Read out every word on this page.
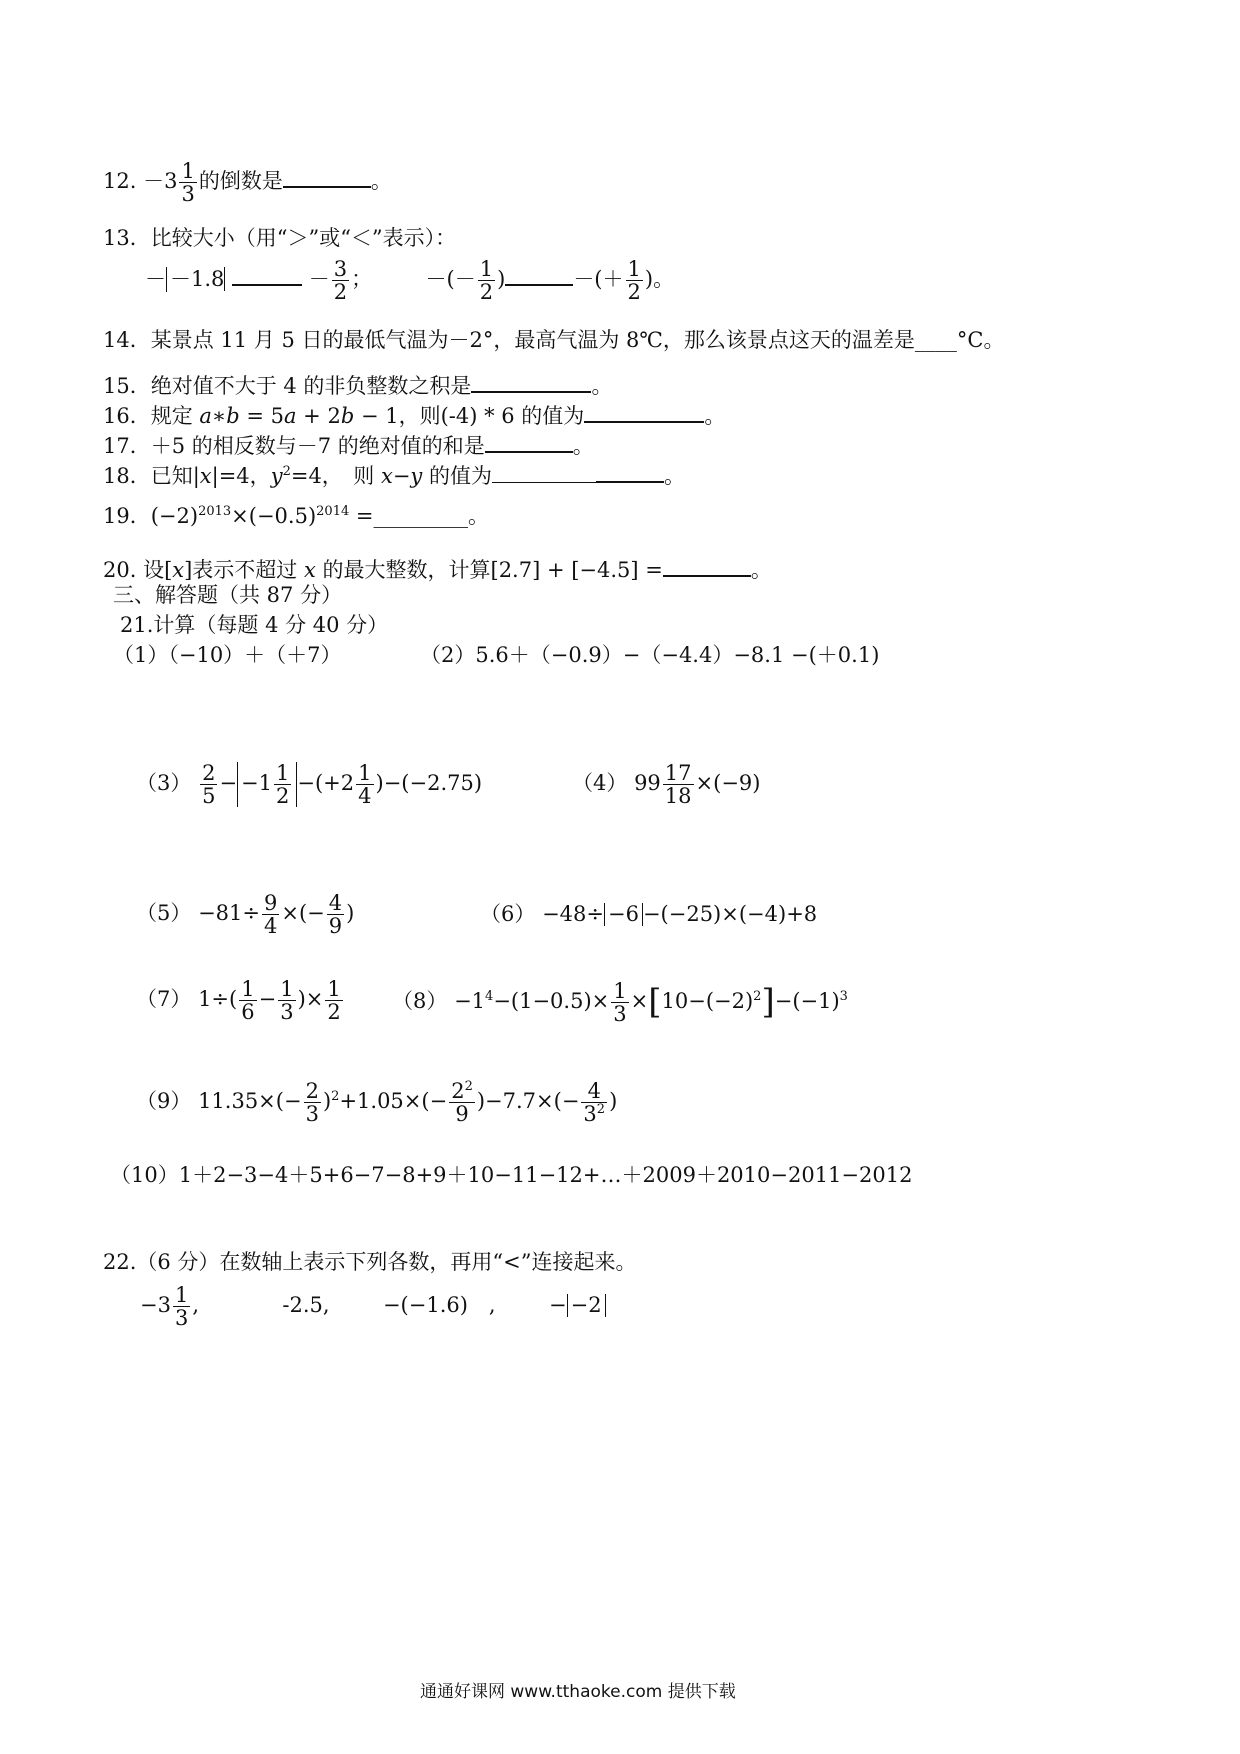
12. $-3 \frac{1}{3}$ 的倒数是	。
13．比较大小（用“＞”或“＜”表示）：
－ －1.8	－ $\frac{3}{2}$ ；	－(－ $\frac{1}{2}$ )	－(＋ $\frac{1}{2}$ )。
14．某景点 11 月 5 日的最低气温为－2°，最高气温为 8℃，那么该景点这天的温差是____°C。
15．绝对值不大于 4 的非负整数之积是	。
16．规定 a∗b = 5a + 2b − 1，则(-4) * 6 的值为	。
17．＋5 的相反数与－7 的绝对值的和是	。
18．已知|x|=4，$y^2=4$，　则 x−y 的值为	。
19．$(-2)^{2013}\times(-0.5)^{2014}$ =_________。
20. 设[x]表示不超过 x 的最大整数，计算[2.7] + [−4.5] =	。
三、解答题（共 87 分）
21.计算（每题 4 分 40 分）
（1）（−10）＋（＋7）	（2）5.6＋（−0.9）−（−4.4）−8.1 −(＋0.1)
$(3) \frac{2}{5} - -1 \frac{1}{2} -(+2 \frac{1}{4} )-(-2.75)$	（4） $99 \frac{17}{18} \times(-9)$
$(5) -81\div \frac{9}{4}$ ×(− $\frac{4}{9}$ )	（6） −48÷ −6 −(−25)×(−4)+8
（7） $1\div( \frac{1}{6} - \frac{1}{3}$ )× $\frac{1}{2} (8) -1^4-(1-0.5)\times \frac{1}{3} \times[10-(-2)^2]-(-1)^3$
（9） $11.35\times(- \frac{2}{3} )^2+1.05\times(- \frac{2^2}{9} )-7.7\times(- \frac{4}{3^2}$ )
（10）1＋2−3−4＋5+6−7−8+9＋10−11−12+…＋2009＋2010−2011−2012
22.（6 分）在数轴上表示下列各数，再用“<”连接起来。
$-3 \frac{1}{3}$ ,	-2.5,	−(−1.6)　,	− −2
通通好课网 www.tthaoke.com 提供下载
